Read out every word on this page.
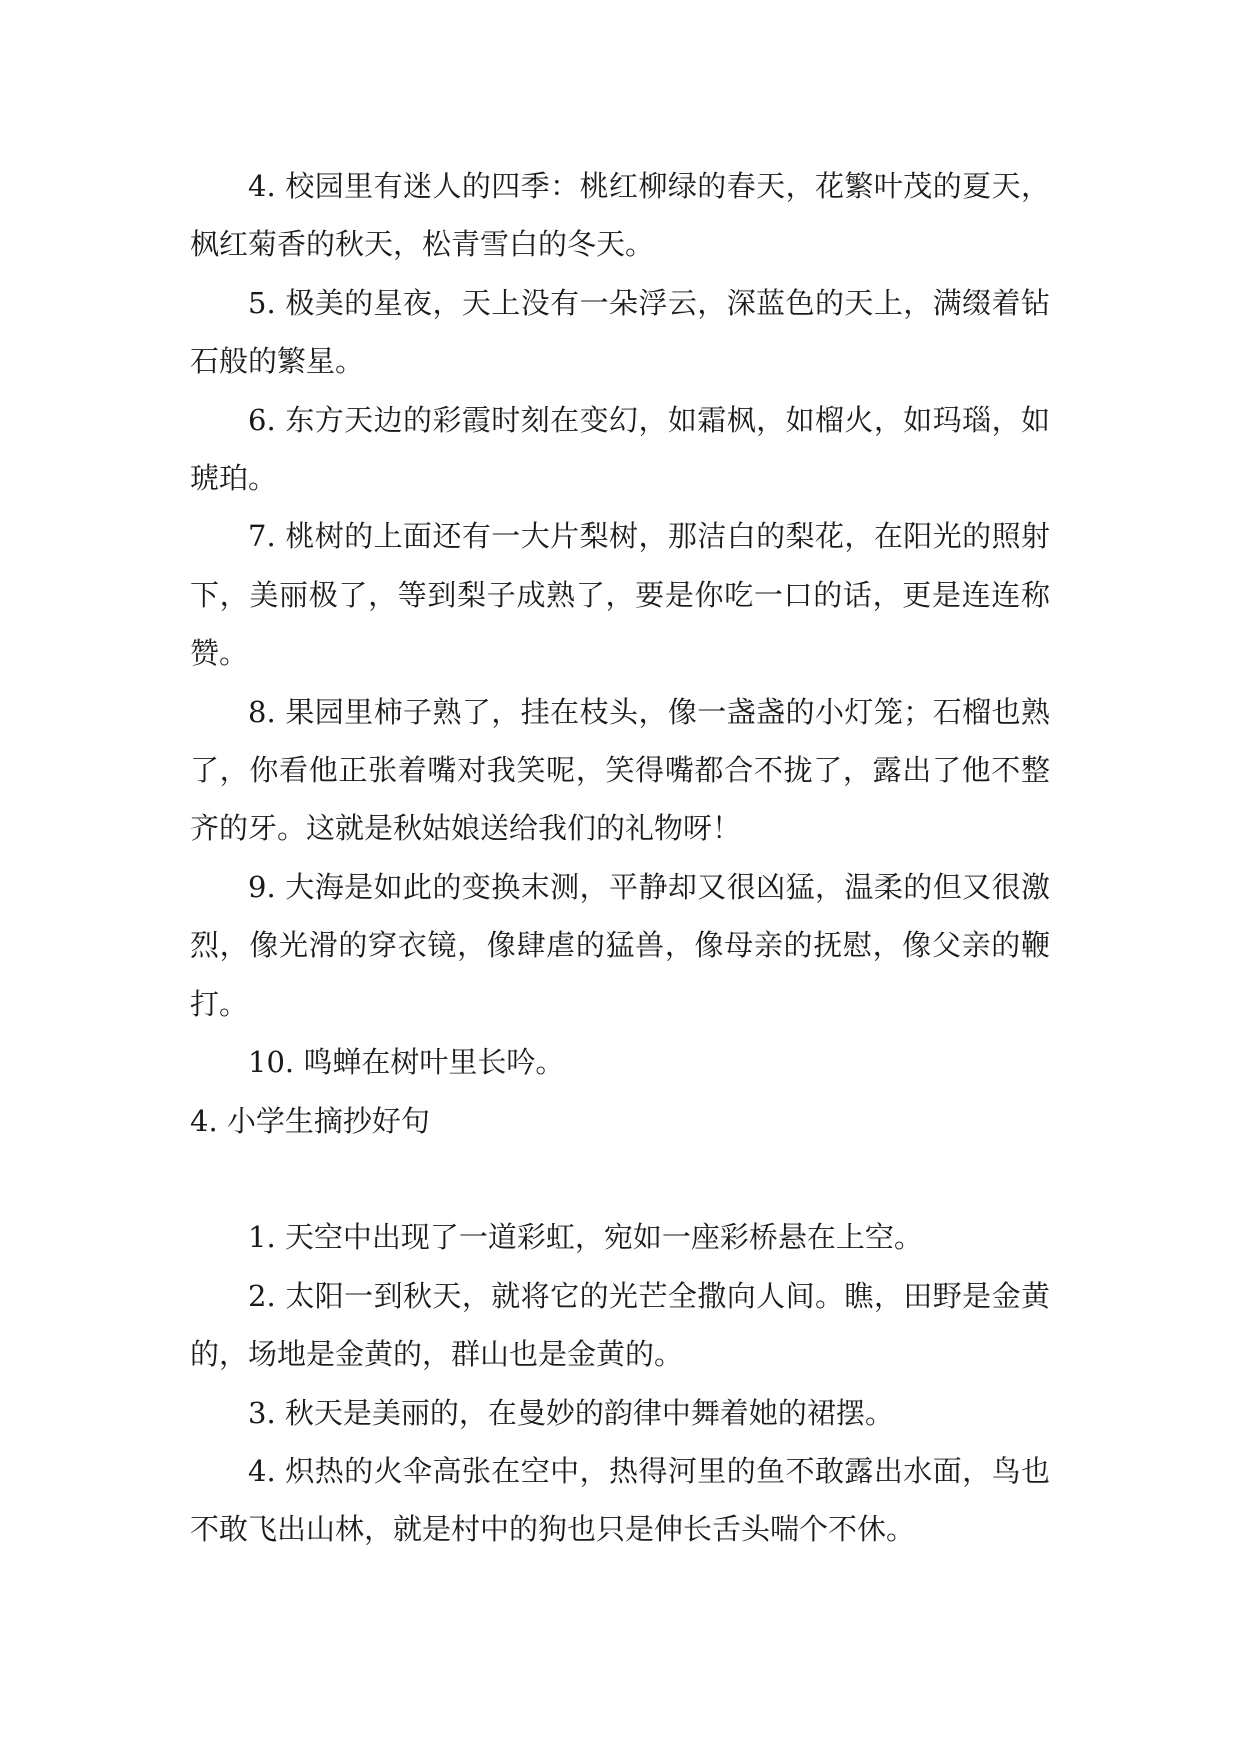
4. 校园里有迷人的四季：桃红柳绿的春天，花繁叶茂的夏天，枫红菊香的秋天，松青雪白的冬天。

5. 极美的星夜，天上没有一朵浮云，深蓝色的天上，满缀着钻石般的繁星。

6. 东方天边的彩霞时刻在变幻，如霜枫，如榴火，如玛瑙，如琥珀。

7. 桃树的上面还有一大片梨树，那洁白的梨花，在阳光的照射下，美丽极了，等到梨子成熟了，要是你吃一口的话，更是连连称赞。

8. 果园里柿子熟了，挂在枝头，像一盏盏的小灯笼；石榴也熟了，你看他正张着嘴对我笑呢，笑得嘴都合不拢了，露出了他不整齐的牙。这就是秋姑娘送给我们的礼物呀！

9. 大海是如此的变换末测，平静却又很凶猛，温柔的但又很激烈，像光滑的穿衣镜，像肆虐的猛兽，像母亲的抚慰，像父亲的鞭打。

10. 鸣蝉在树叶里长吟。

4. 小学生摘抄好句

1. 天空中出现了一道彩虹，宛如一座彩桥悬在上空。

2. 太阳一到秋天，就将它的光芒全撒向人间。瞧，田野是金黄的，场地是金黄的，群山也是金黄的。

3. 秋天是美丽的，在曼妙的韵律中舞着她的裙摆。

4. 炽热的火伞高张在空中，热得河里的鱼不敢露出水面，鸟也不敢飞出山林，就是村中的狗也只是伸长舌头喘个不休。
